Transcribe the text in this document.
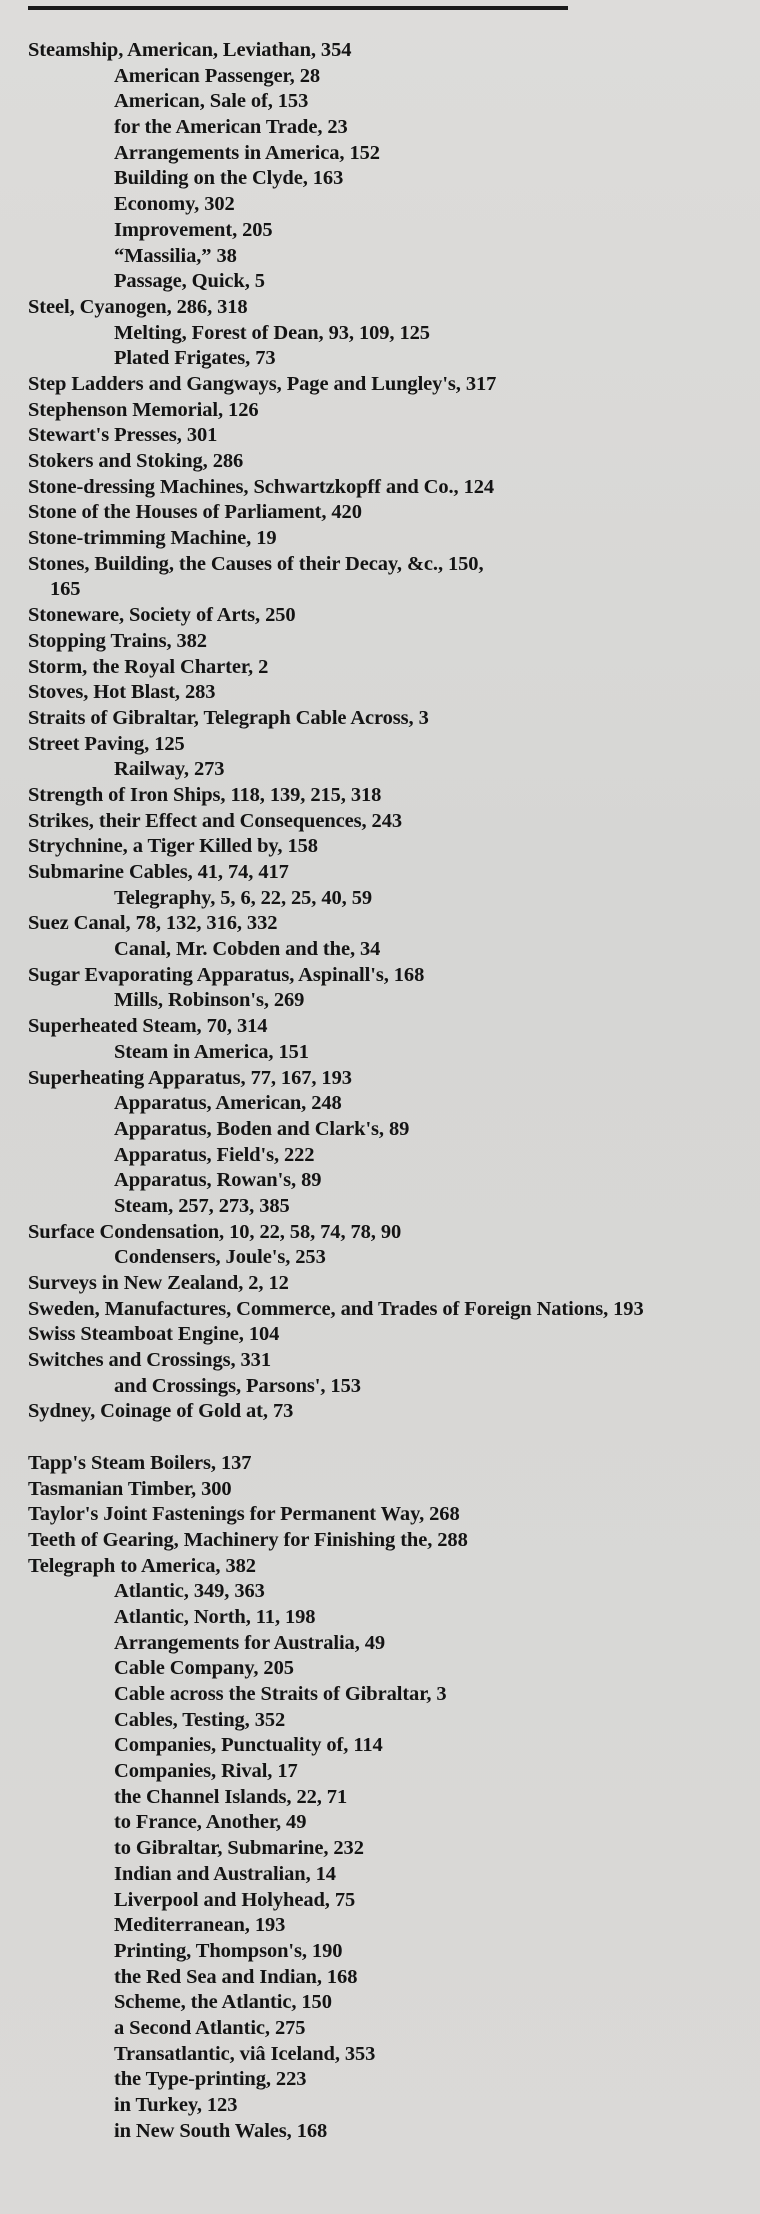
Steamship, American, Leviathan, 354
American Passenger, 28
American, Sale of, 153
for the American Trade, 23
Arrangements in America, 152
Building on the Clyde, 163
Economy, 302
Improvement, 205
“Massilia,” 38
Passage, Quick, 5
Steel, Cyanogen, 286, 318
Melting, Forest of Dean, 93, 109, 125
Plated Frigates, 73
Step Ladders and Gangways, Page and Lungley's, 317
Stephenson Memorial, 126
Stewart's Presses, 301
Stokers and Stoking, 286
Stone-dressing Machines, Schwartzkopff and Co., 124
Stone of the Houses of Parliament, 420
Stone-trimming Machine, 19
Stones, Building, the Causes of their Decay, &c., 150,
165
Stoneware, Society of Arts, 250
Stopping Trains, 382
Storm, the Royal Charter, 2
Stoves, Hot Blast, 283
Straits of Gibraltar, Telegraph Cable Across, 3
Street Paving, 125
Railway, 273
Strength of Iron Ships, 118, 139, 215, 318
Strikes, their Effect and Consequences, 243
Strychnine, a Tiger Killed by, 158
Submarine Cables, 41, 74, 417
Telegraphy, 5, 6, 22, 25, 40, 59
Suez Canal, 78, 132, 316, 332
Canal, Mr. Cobden and the, 34
Sugar Evaporating Apparatus, Aspinall's, 168
Mills, Robinson's, 269
Superheated Steam, 70, 314
Steam in America, 151
Superheating Apparatus, 77, 167, 193
Apparatus, American, 248
Apparatus, Boden and Clark's, 89
Apparatus, Field's, 222
Apparatus, Rowan's, 89
Steam, 257, 273, 385
Surface Condensation, 10, 22, 58, 74, 78, 90
Condensers, Joule's, 253
Surveys in New Zealand, 2, 12
Sweden, Manufactures, Commerce, and Trades of Foreign Nations, 193
Swiss Steamboat Engine, 104
Switches and Crossings, 331
and Crossings, Parsons', 153
Sydney, Coinage of Gold at, 73
Tapp's Steam Boilers, 137
Tasmanian Timber, 300
Taylor's Joint Fastenings for Permanent Way, 268
Teeth of Gearing, Machinery for Finishing the, 288
Telegraph to America, 382
Atlantic, 349, 363
Atlantic, North, 11, 198
Arrangements for Australia, 49
Cable Company, 205
Cable across the Straits of Gibraltar, 3
Cables, Testing, 352
Companies, Punctuality of, 114
Companies, Rival, 17
the Channel Islands, 22, 71
to France, Another, 49
to Gibraltar, Submarine, 232
Indian and Australian, 14
Liverpool and Holyhead, 75
Mediterranean, 193
Printing, Thompson's, 190
the Red Sea and Indian, 168
Scheme, the Atlantic, 150
a Second Atlantic, 275
Transatlantic, viâ Iceland, 353
the Type-printing, 223
in Turkey, 123
in New South Wales, 168
